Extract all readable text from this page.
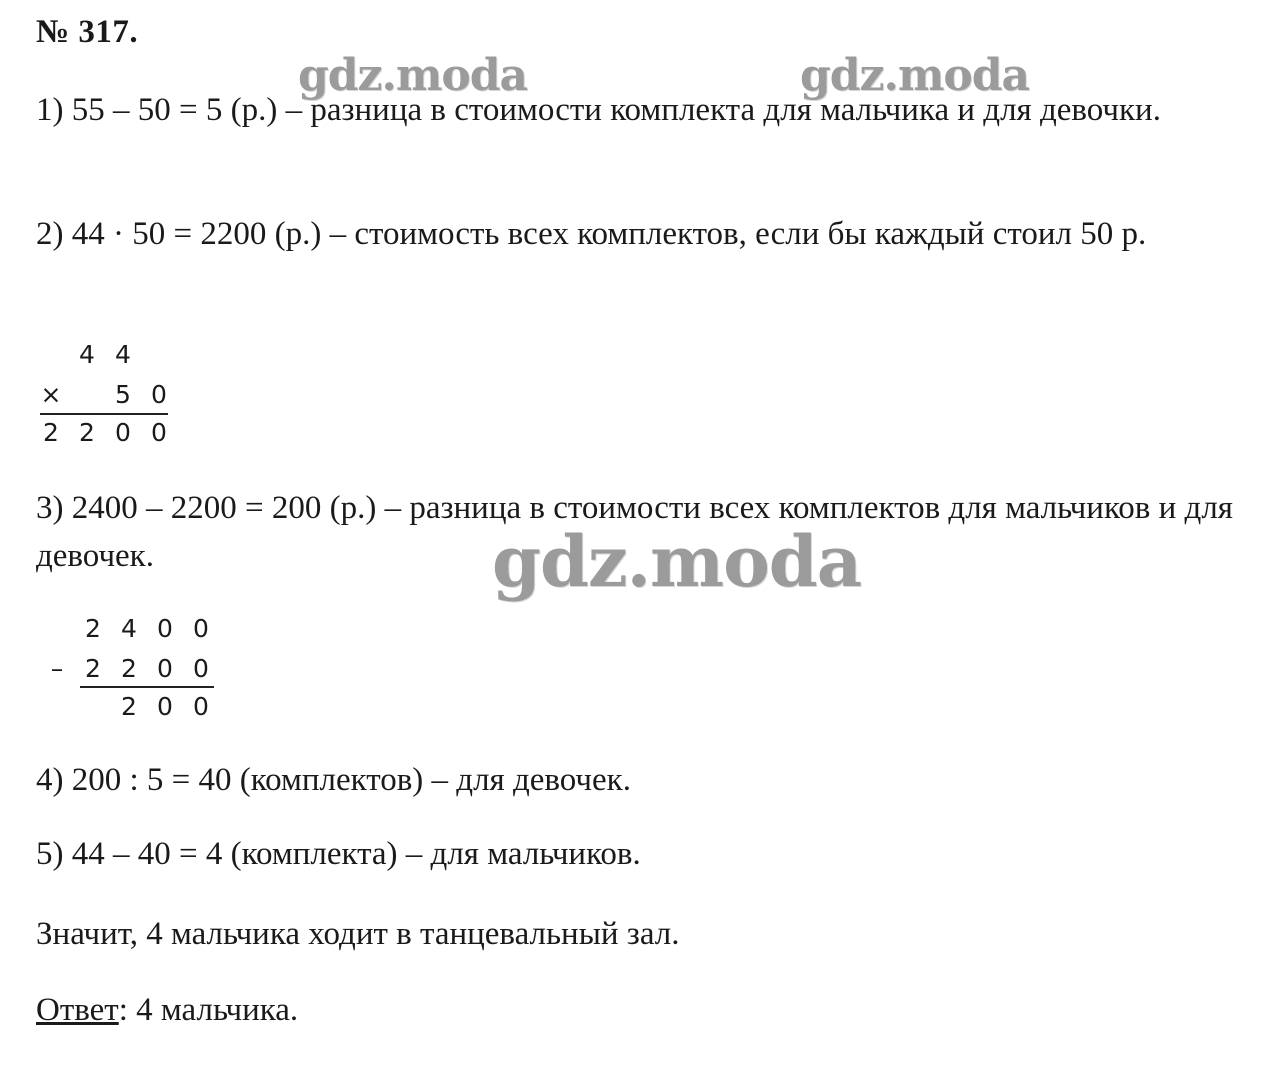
№ 317.

1) 55 – 50 = 5 (р.) – разница в стоимости комплекта для мальчика и для девочки.

2) 44 · 50 = 2200 (р.) – стоимость всех комплектов, если бы каждый стоил 50 р.

4 4
× 5 0
2 2 0 0

3) 2400 – 2200 = 200 (р.) – разница в стоимости всех комплектов для мальчиков и для девочек.

2 4 0 0
– 2 2 0 0
2 0 0

4) 200 : 5 = 40 (комплектов) – для девочек.

5) 44 – 40 = 4 (комплекта) – для мальчиков.

Значит, 4 мальчика ходит в танцевальный зал.

Ответ: 4 мальчика.

gdz.moda	gdz.moda
gdz.moda
